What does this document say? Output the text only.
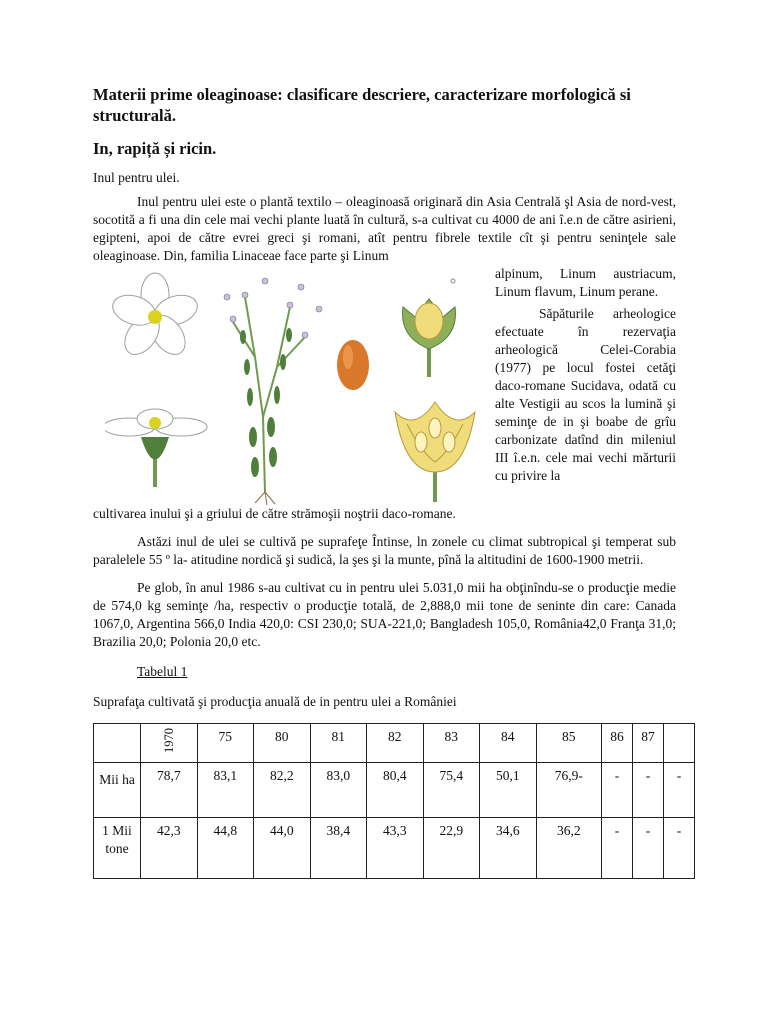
Materii prime oleaginoase: clasificare descriere, caracterizare morfologică si structurală.
In, rapiță și ricin.

Inul pentru ulei.

Inul pentru ulei este o plantă textilo – oleaginoasă originară din Asia Centrală şl Asia de nord-vest, socotită a fi una din cele mai vechi plante luată în cultură, s-a cultivat cu 4000 de ani î.e.n de către asirieni, egipteni, apoi de către evrei greci şi romani, atît pentru fibrele textile cît şi pentru seninţele sale oleaginoase. Din, familia Linaceae face parte şi Linum

alpinum, Linum austriacum, Linum flavum, Linum perane.

Săpăturile arheologice efectuate în rezervaţia arheologică Celei-Corabia (1977) pe locul fostei cetăţi daco-romane Sucidava, odată cu alte Vestigii au scos la lumină şi seminţe de in şi boabe de grîu carbonizate datînd din mileniul III î.e.n. cele mai vechi mărturii cu privire la

cultivarea inului şi a griului de către strămoşii noştrii daco-romane.

Astăzi inul de ulei se cultivă pe suprafeţe Întinse, ln zonele cu climat subtropical şi temperat sub paralelele 55 º la- atitudine nordică şi sudică, la şes şi la munte, pînă la altitudini de 1600-1900 metrii.

Pe glob, în anul 1986 s-au cultivat cu in pentru ulei 5.031,0 mii ha obţinîndu-se o producţie medie de 574,0 kg seminţe /ha, respectiv o producţie totală, de 2,888,0 mii tone de seninte din care: Canada 1067,0, Argentina 566,0 India 420,0: CSI 230,0; SUA-221,0; Bangladesh 105,0, România42,0 Franţa 31,0; Brazilia 20,0; Polonia 20,0 etc.

Tabelul 1

Suprafaţa cultivată şi producţia anuală de in pentru ulei a României

	1970	75	80	81	82	83	84	85	86	87	
Mii ha	78,7	83,1	82,2	83,0	80,4	75,4	50,1	76,9-	-	-	-
1 Mii tone	42,3	44,8	44,0	38,4	43,3	22,9	34,6	36,2	-	-	-
